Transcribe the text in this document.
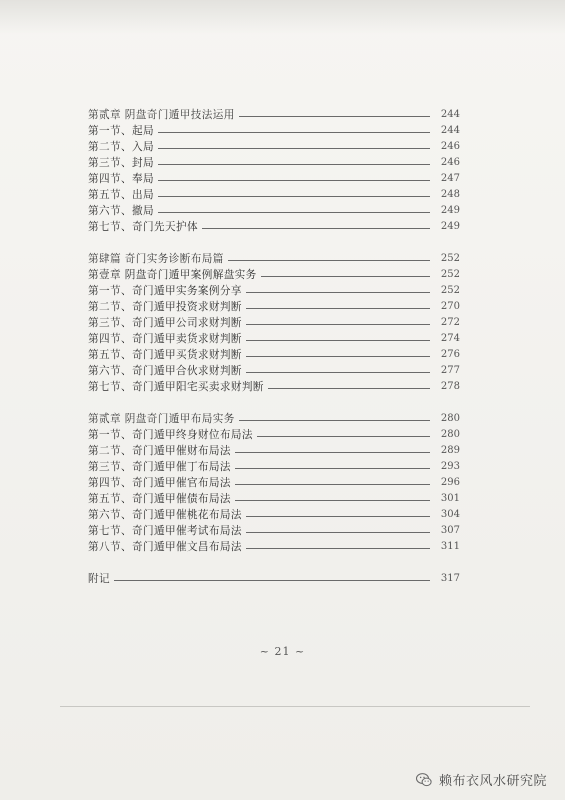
第贰章 阴盘奇门遁甲技法运用	244
第一节、起局	244
第二节、入局	246
第三节、封局	246
第四节、奉局	247
第五节、出局	248
第六节、撤局	249
第七节、奇门先天护体	249
第肆篇 奇门实务诊断布局篇	252
第壹章 阴盘奇门遁甲案例解盘实务	252
第一节、奇门遁甲实务案例分享	252
第二节、奇门遁甲投资求财判断	270
第三节、奇门遁甲公司求财判断	272
第四节、奇门遁甲卖货求财判断	274
第五节、奇门遁甲买货求财判断	276
第六节、奇门遁甲合伙求财判断	277
第七节、奇门遁甲阳宅买卖求财判断	278
第贰章 阴盘奇门遁甲布局实务	280
第一节、奇门遁甲终身财位布局法	280
第二节、奇门遁甲催财布局法	289
第三节、奇门遁甲催丁布局法	293
第四节、奇门遁甲催官布局法	296
第五节、奇门遁甲催债布局法	301
第六节、奇门遁甲催桃花布局法	304
第七节、奇门遁甲催考试布局法	307
第八节、奇门遁甲催文昌布局法	311
附记	317
~ 21 ~
赖布衣风水研究院
